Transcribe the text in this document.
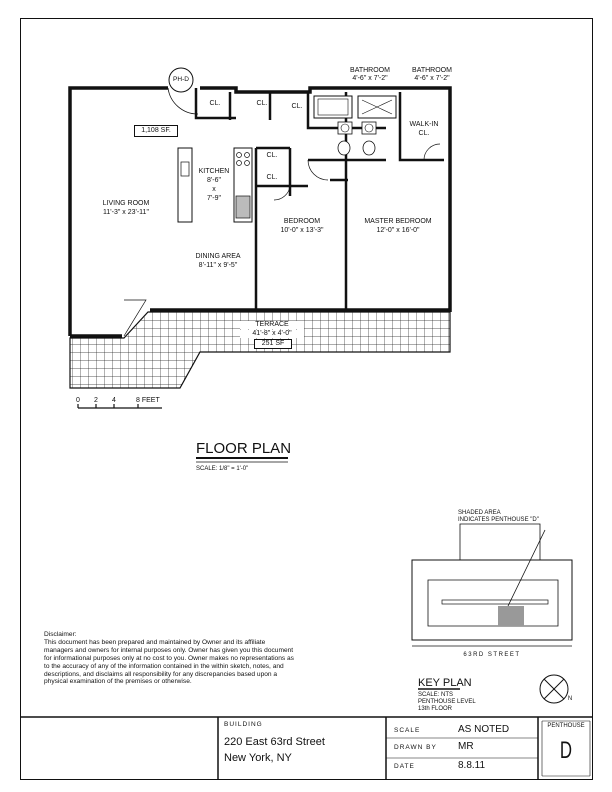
PH-D
CL.	CL.	CL.
1,108 SF.
BATHROOM
4'-6" x 7'-2"
BATHROOM
4'-6" x 7'-2"
WALK-IN
CL.
KITCHEN
8'-6"
x
7'-9"
CL.
CL.
LIVING ROOM
11'-3" x 23'-11"
BEDROOM
10'-0" x 13'-3"
MASTER BEDROOM
12'-0" x 16'-0"
DINING AREA
8'-11" x 9'-5"
TERRACE
41'-8" x 4'-0"
251 SF
0 2 4	8 FEET
FLOOR PLAN
SCALE: 1/8" = 1'-0"
SHADED AREA
INDICATES PENTHOUSE "D"
63RD STREET
KEY PLAN
SCALE: NTS
PENTHOUSE LEVEL
13th FLOOR
N
Disclaimer:
This document has been prepared and maintained by Owner and its affiliate managers and owners for internal purposes only. Owner has given you this document for informational purposes only at no cost to you. Owner makes no representations as to the accuracy of any of the information contained in the within sketch, notes, and descriptions, and disclaims all responsibility for any discrepancies based upon a physical examination of the premises or otherwise.
BUILDING
220 East 63rd Street
New York, NY
SCALE	AS NOTED
DRAWN BY MR
DATE	8.8.11
PENTHOUSE
D
